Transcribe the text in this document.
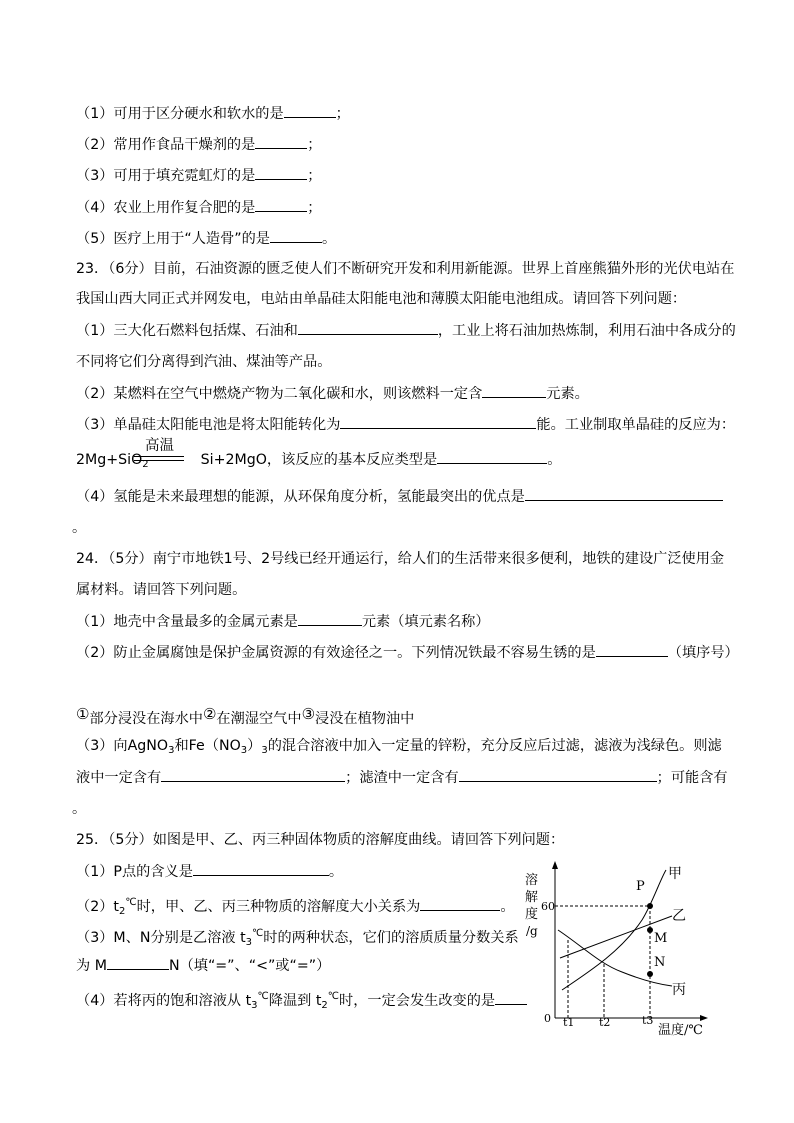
（1）可用于区分硬水和软水的是	；
（2）常用作食品干燥剂的是	；
（3）可用于填充霓虹灯的是	；
（4）农业上用作复合肥的是	；
（5）医疗上用于“人造骨”的是	。
23．（6分）目前，石油资源的匮乏使人们不断研究开发和利用新能源。世界上首座熊猫外形的光伏电站在
我国山西大同正式并网发电，电站由单晶硅太阳能电池和薄膜太阳能电池组成。请回答下列问题：
（1）三大化石燃料包括煤、石油和	，工业上将石油加热炼制，利用石油中各成分的
不同将它们分离得到汽油、煤油等产品。
（2）某燃料在空气中燃烧产物为二氧化碳和水，则该燃料一定含	元素。
（3）单晶硅太阳能电池是将太阳能转化为	能。工业制取单晶硅的反应为：
高温
2Mg+SiO$_2$	Si+2MgO，该反应的基本反应类型是	。
（4）氢能是未来最理想的能源，从环保角度分析，氢能最突出的优点是
。
24．（5分）南宁市地铁1号、2号线已经开通运行，给人们的生活带来很多便利，地铁的建设广泛使用金
属材料。请回答下列问题。
（1）地壳中含量最多的金属元素是	元素（填元素名称）
（2）防止金属腐蚀是保护金属资源的有效途径之一。下列情况铁最不容易生锈的是	（填序号）
①部分浸没在海水中②在潮湿空气中③浸没在植物油中
（3）向AgNO$_3$和$Fe(NO_3)_3$的混合溶液中加入一定量的锌粉，充分反应后过滤，滤液为浅绿色。则滤
液中一定含有	；滤渣中一定含有	；可能含有
。
25．（5分）如图是甲、乙、丙三种固体物质的溶解度曲线。请回答下列问题：
（1）P点的含义是	。
$(2)t_2^℃$时，甲、乙、丙三种物质的溶解度大小关系为	。
（3）M、N分别是乙溶液 $t_3^℃$时的两种状态，它们的溶质质量分数关系
为 M	N（填“=”、“<”或“=”）
（4）若将丙的饱和溶液从 $t_3^℃$降温到 $t_2^℃$时，一定会发生改变的是
溶
解
度
/g
60
0
温度/℃
t1 t2	t3
P
M
N
甲
乙
丙
